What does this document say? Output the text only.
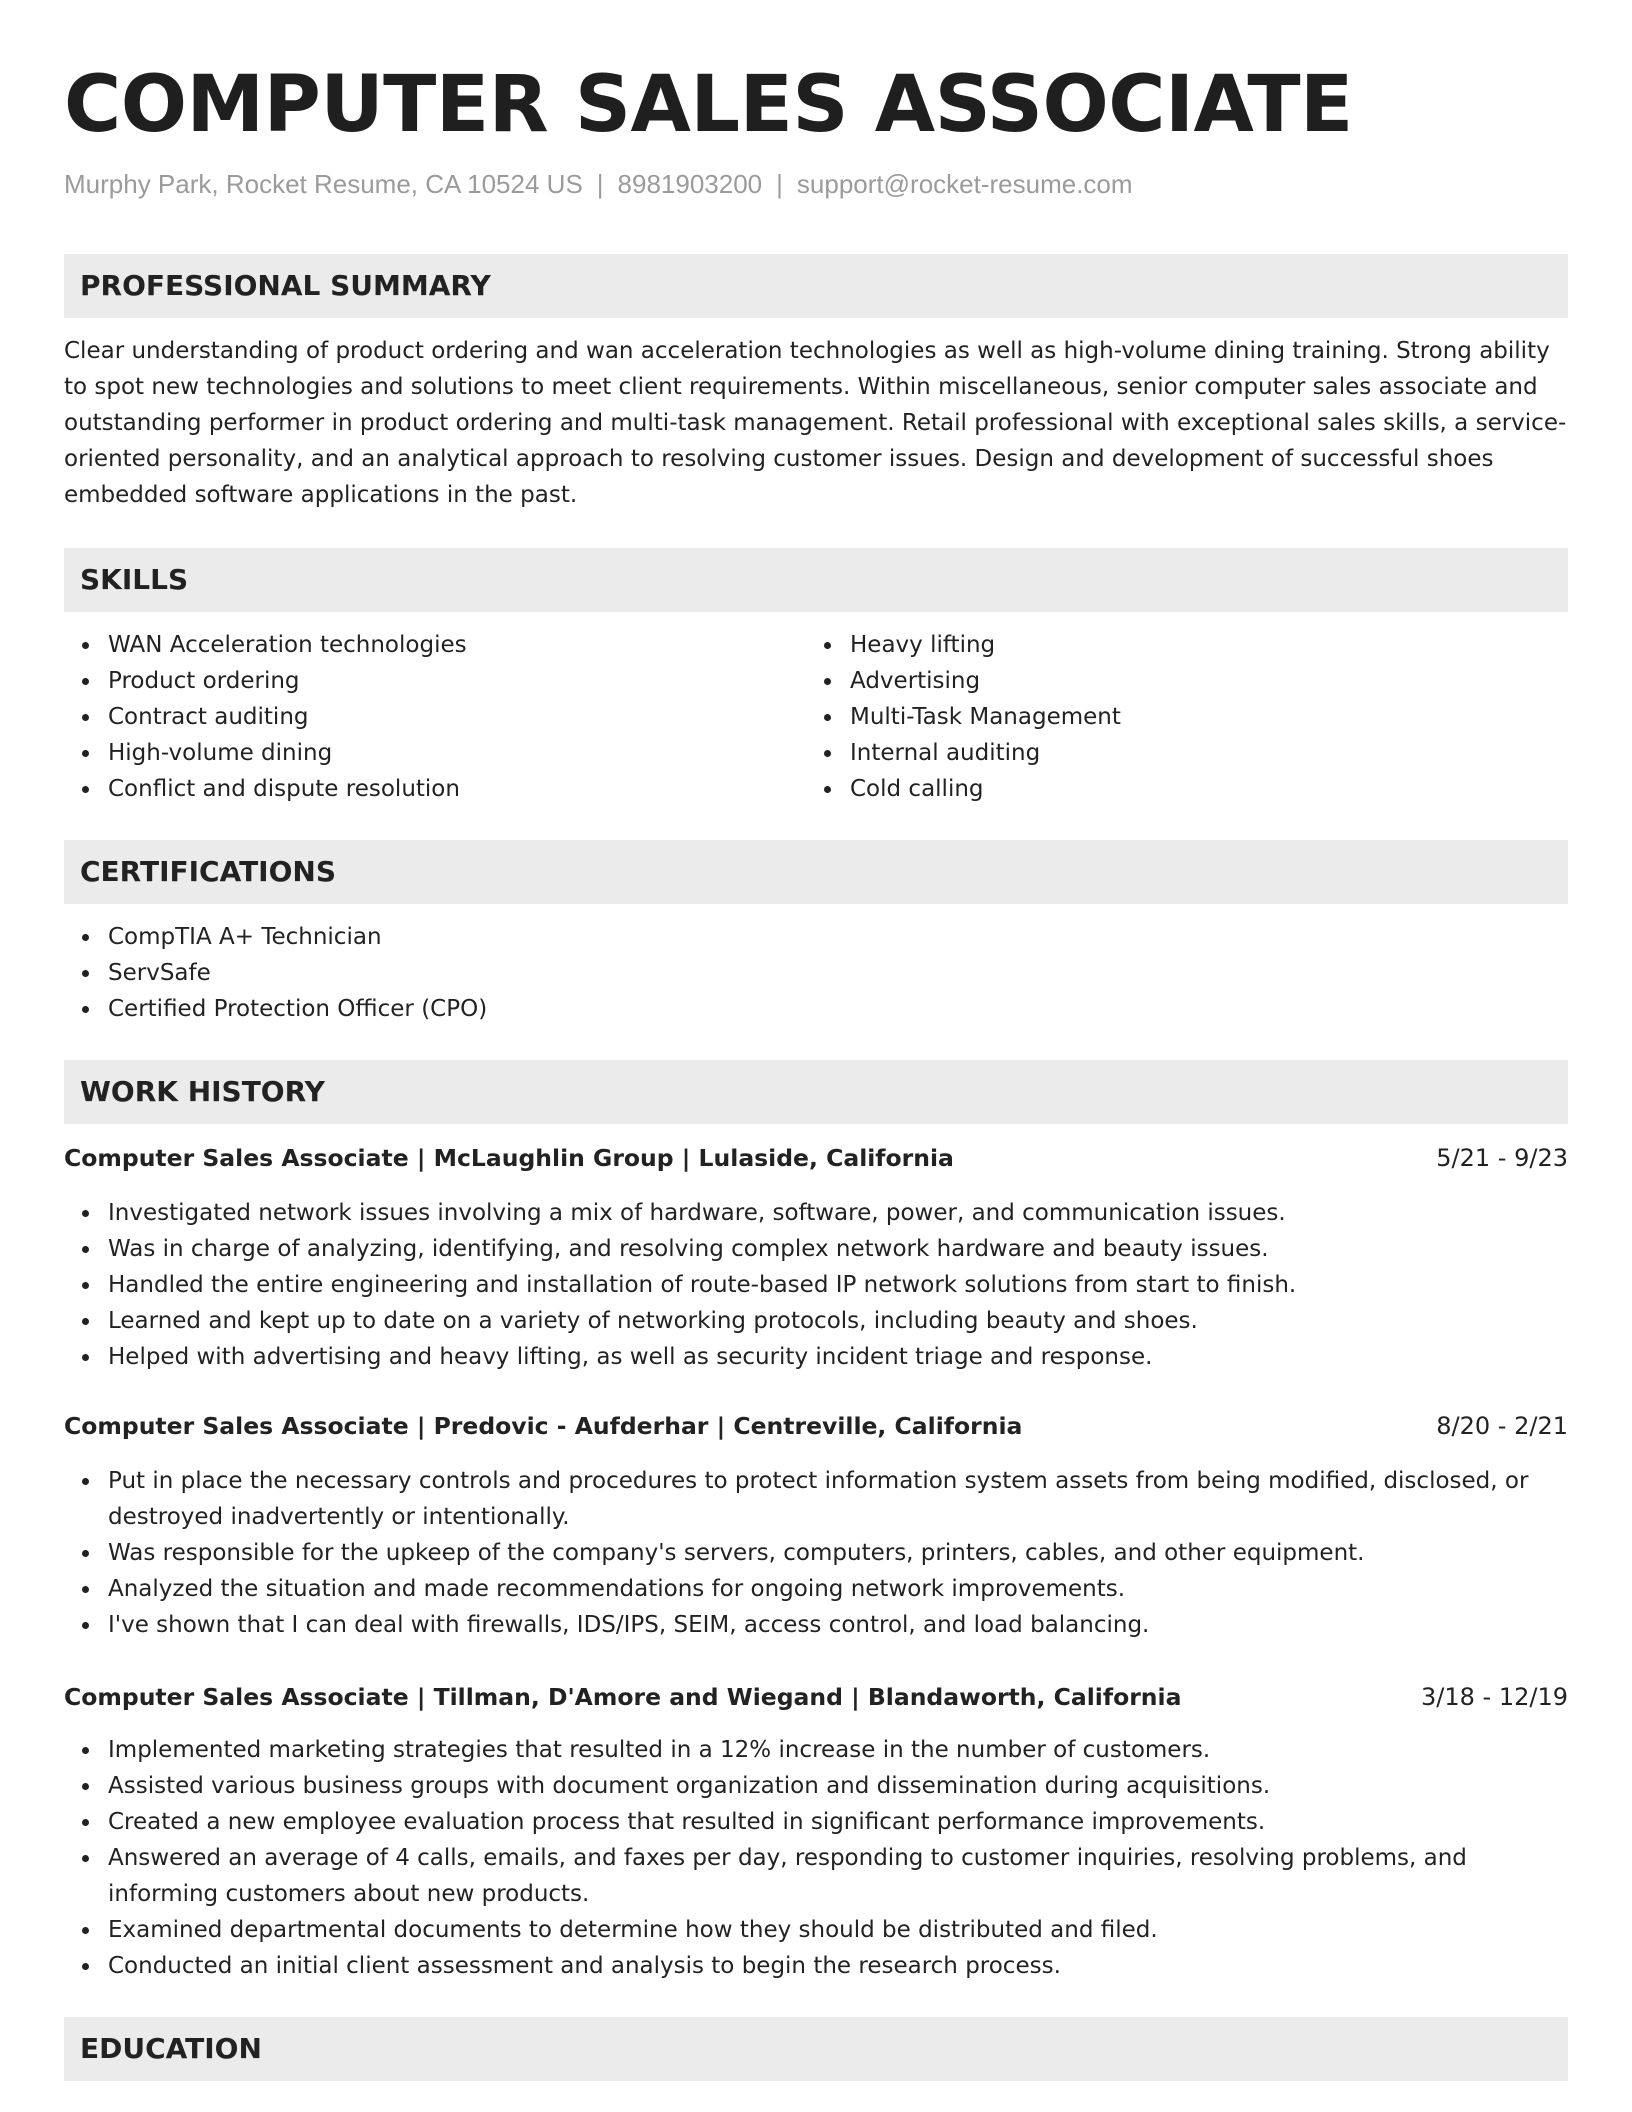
COMPUTER SALES ASSOCIATE
Murphy Park, Rocket Resume, CA 10524 US | 8981903200 | support@rocket-resume.com
PROFESSIONAL SUMMARY
Clear understanding of product ordering and wan acceleration technologies as well as high-volume dining training. Strong ability to spot new technologies and solutions to meet client requirements. Within miscellaneous, senior computer sales associate and outstanding performer in product ordering and multi-task management. Retail professional with exceptional sales skills, a service-oriented personality, and an analytical approach to resolving customer issues. Design and development of successful shoes embedded software applications in the past.
SKILLS
WAN Acceleration technologies
Product ordering
Contract auditing
High-volume dining
Conflict and dispute resolution
Heavy lifting
Advertising
Multi-Task Management
Internal auditing
Cold calling
CERTIFICATIONS
CompTIA A+ Technician
ServSafe
Certified Protection Officer (CPO)
WORK HISTORY
Computer Sales Associate | McLaughlin Group | Lulaside, California	5/21 - 9/23
Investigated network issues involving a mix of hardware, software, power, and communication issues.
Was in charge of analyzing, identifying, and resolving complex network hardware and beauty issues.
Handled the entire engineering and installation of route-based IP network solutions from start to finish.
Learned and kept up to date on a variety of networking protocols, including beauty and shoes.
Helped with advertising and heavy lifting, as well as security incident triage and response.
Computer Sales Associate | Predovic - Aufderhar | Centreville, California	8/20 - 2/21
Put in place the necessary controls and procedures to protect information system assets from being modified, disclosed, or destroyed inadvertently or intentionally.
Was responsible for the upkeep of the company's servers, computers, printers, cables, and other equipment.
Analyzed the situation and made recommendations for ongoing network improvements.
I've shown that I can deal with firewalls, IDS/IPS, SEIM, access control, and load balancing.
Computer Sales Associate | Tillman, D'Amore and Wiegand | Blandaworth, California	3/18 - 12/19
Implemented marketing strategies that resulted in a 12% increase in the number of customers.
Assisted various business groups with document organization and dissemination during acquisitions.
Created a new employee evaluation process that resulted in significant performance improvements.
Answered an average of 4 calls, emails, and faxes per day, responding to customer inquiries, resolving problems, and informing customers about new products.
Examined departmental documents to determine how they should be distributed and filed.
Conducted an initial client assessment and analysis to begin the research process.
EDUCATION
